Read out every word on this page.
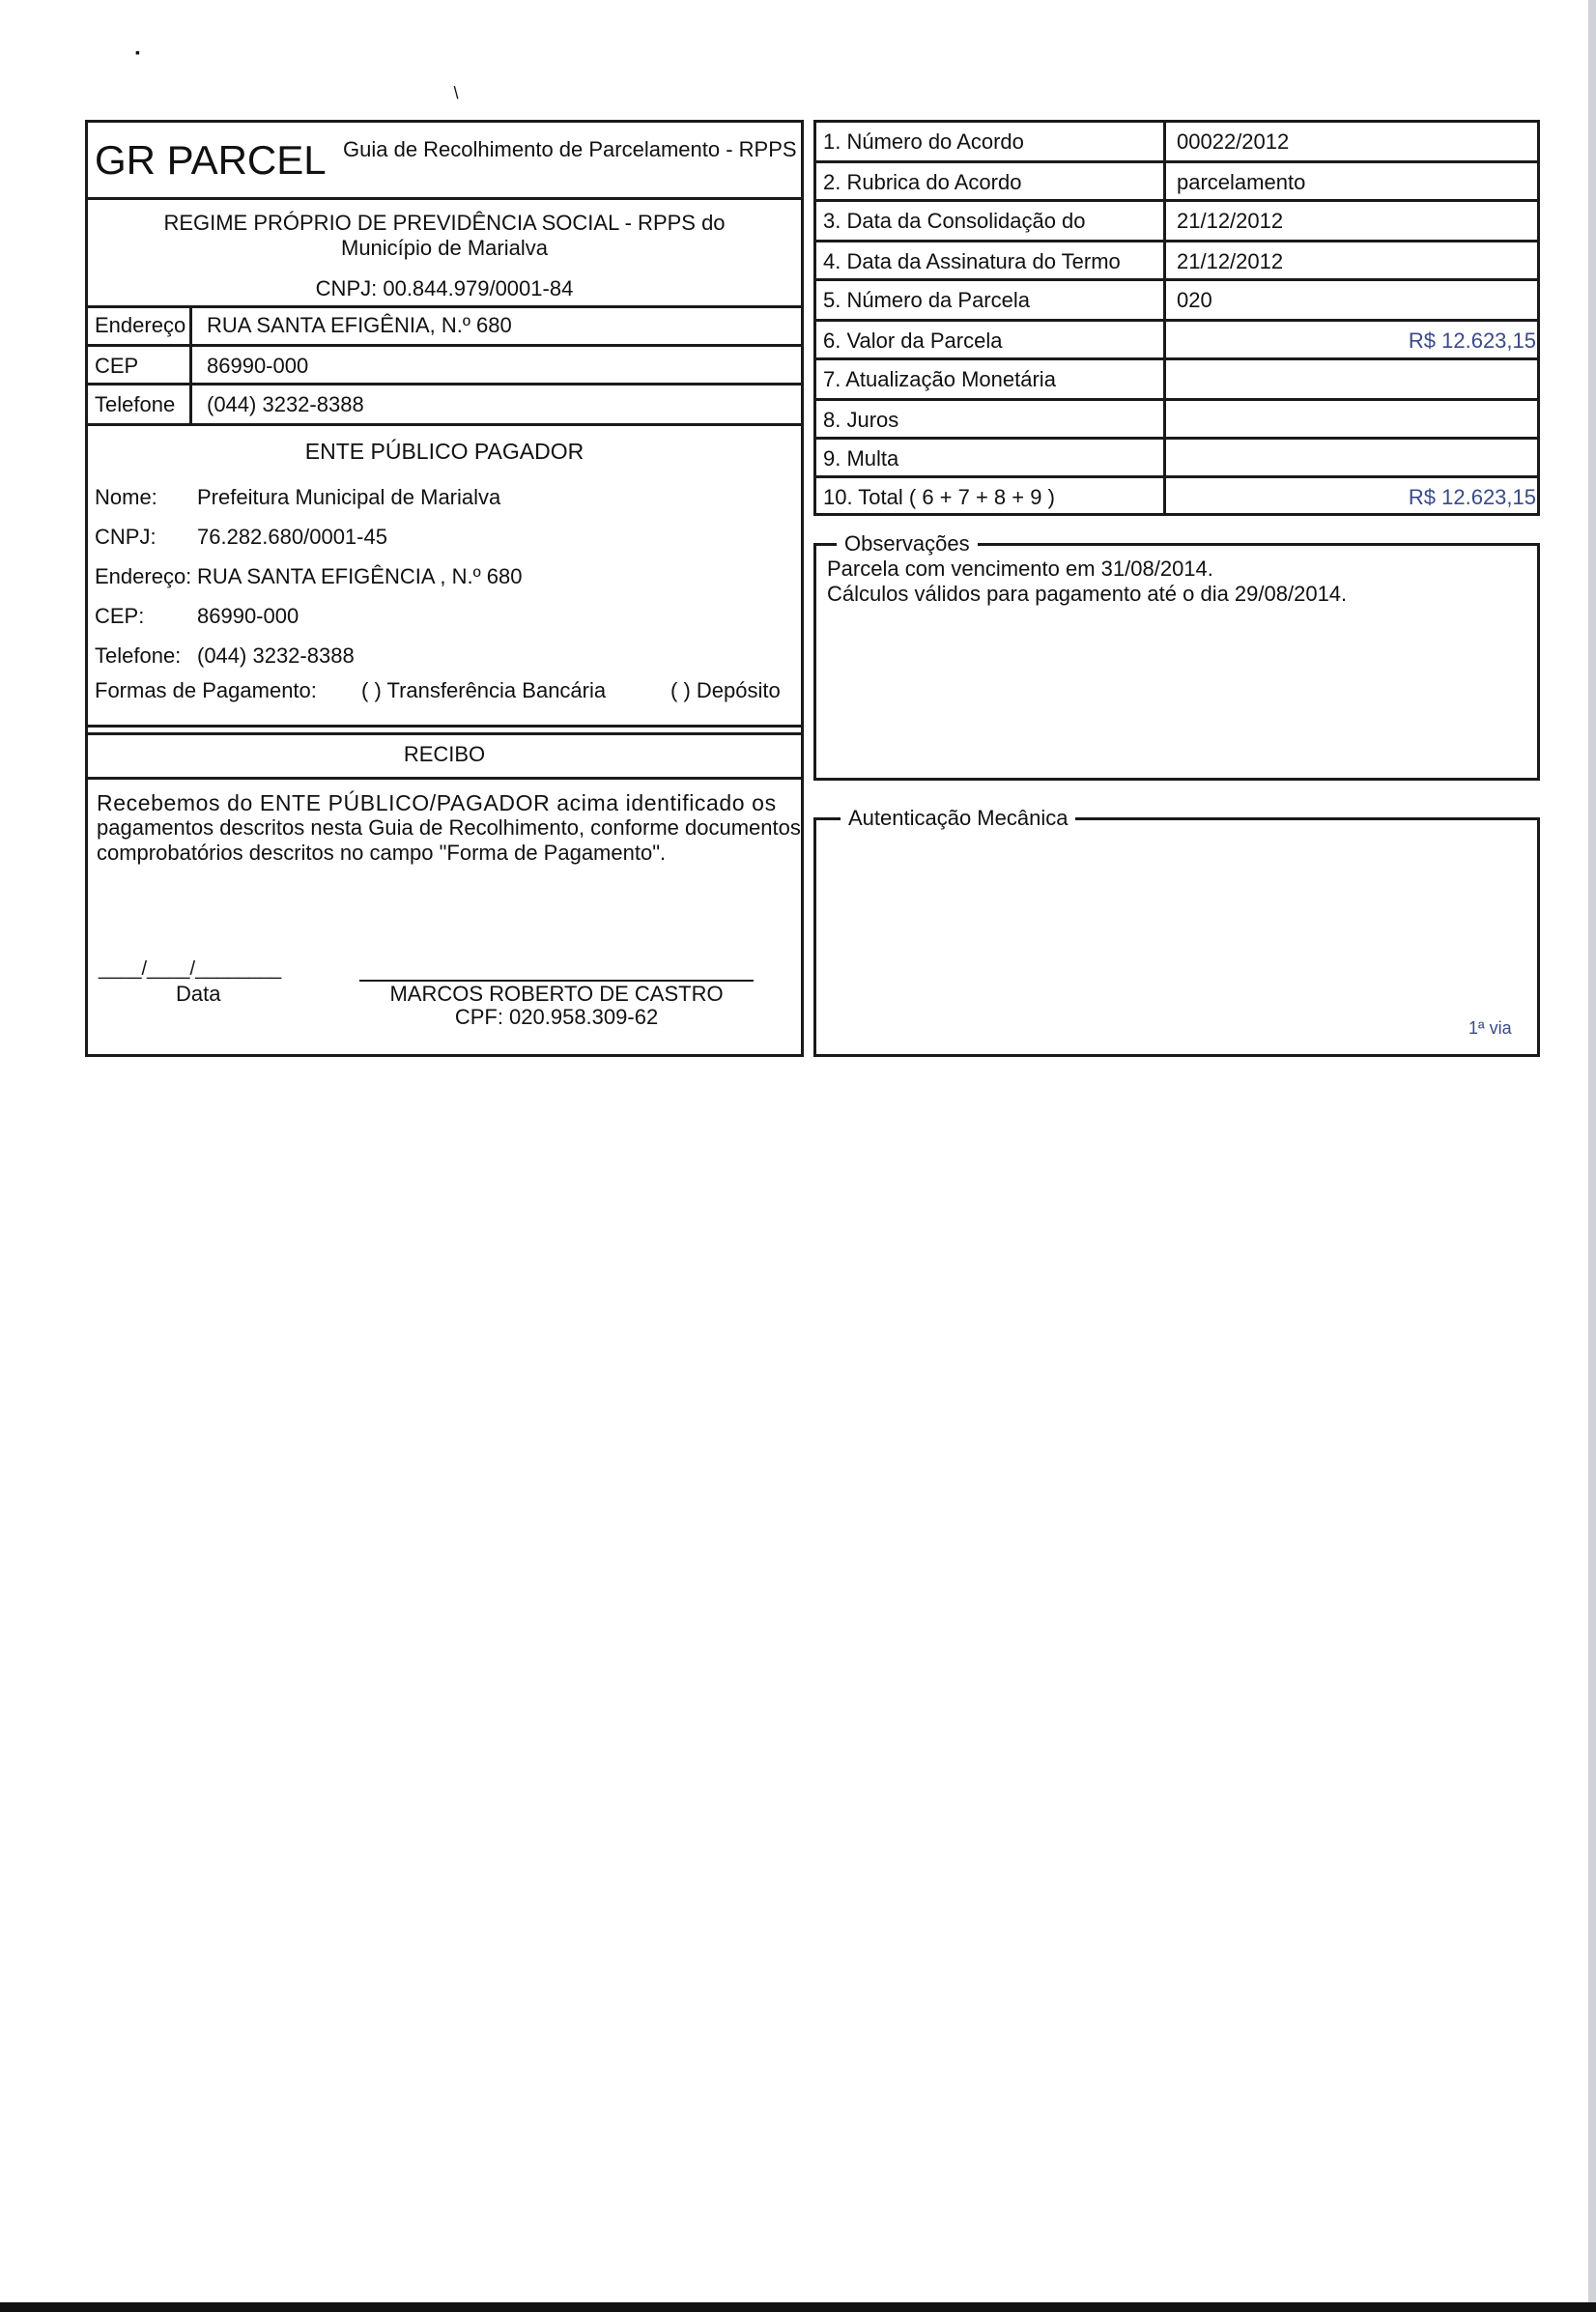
▪
/
GR PARCEL Guia de Recolhimento de Parcelamento - RPPS
REGIME PRÓPRIO DE PREVIDÊNCIA SOCIAL - RPPS do
Município de Marialva
CNPJ: 00.844.979/0001-84
Endereço RUA SANTA EFIGÊNIA, N.º 680
CEP	86990-000
Telefone (044) 3232-8388
ENTE PÚBLICO PAGADOR
Nome: Prefeitura Municipal de Marialva
CNPJ: 76.282.680/0001-45
Endereço: RUA SANTA EFIGÊNCIA , N.º 680
CEP: 86990-000
Telefone: (044) 3232-8388
Formas de Pagamento: ( ) Transferência Bancária	( ) Depósito
RECIBO
Recebemos do ENTE PÚBLICO/PAGADOR acima identificado os
pagamentos descritos nesta Guia de Recolhimento, conforme documentos
comprobatórios descritos no campo "Forma de Pagamento".
____/____/________
Data	MARCOS ROBERTO DE CASTRO
CPF: 020.958.309-62
1. Número do Acordo	00022/2012
2. Rubrica do Acordo	parcelamento
3. Data da Consolidação do	21/12/2012
4. Data da Assinatura do Termo	21/12/2012
5. Número da Parcela	020
6. Valor da Parcela	R$ 12.623,15
7. Atualização Monetária
8. Juros
9. Multa
10. Total ( 6 + 7 + 8 + 9 )	R$ 12.623,15
Observações
Parcela com vencimento em 31/08/2014.
Cálculos válidos para pagamento até o dia 29/08/2014.
Autenticação Mecânica
1ª via
